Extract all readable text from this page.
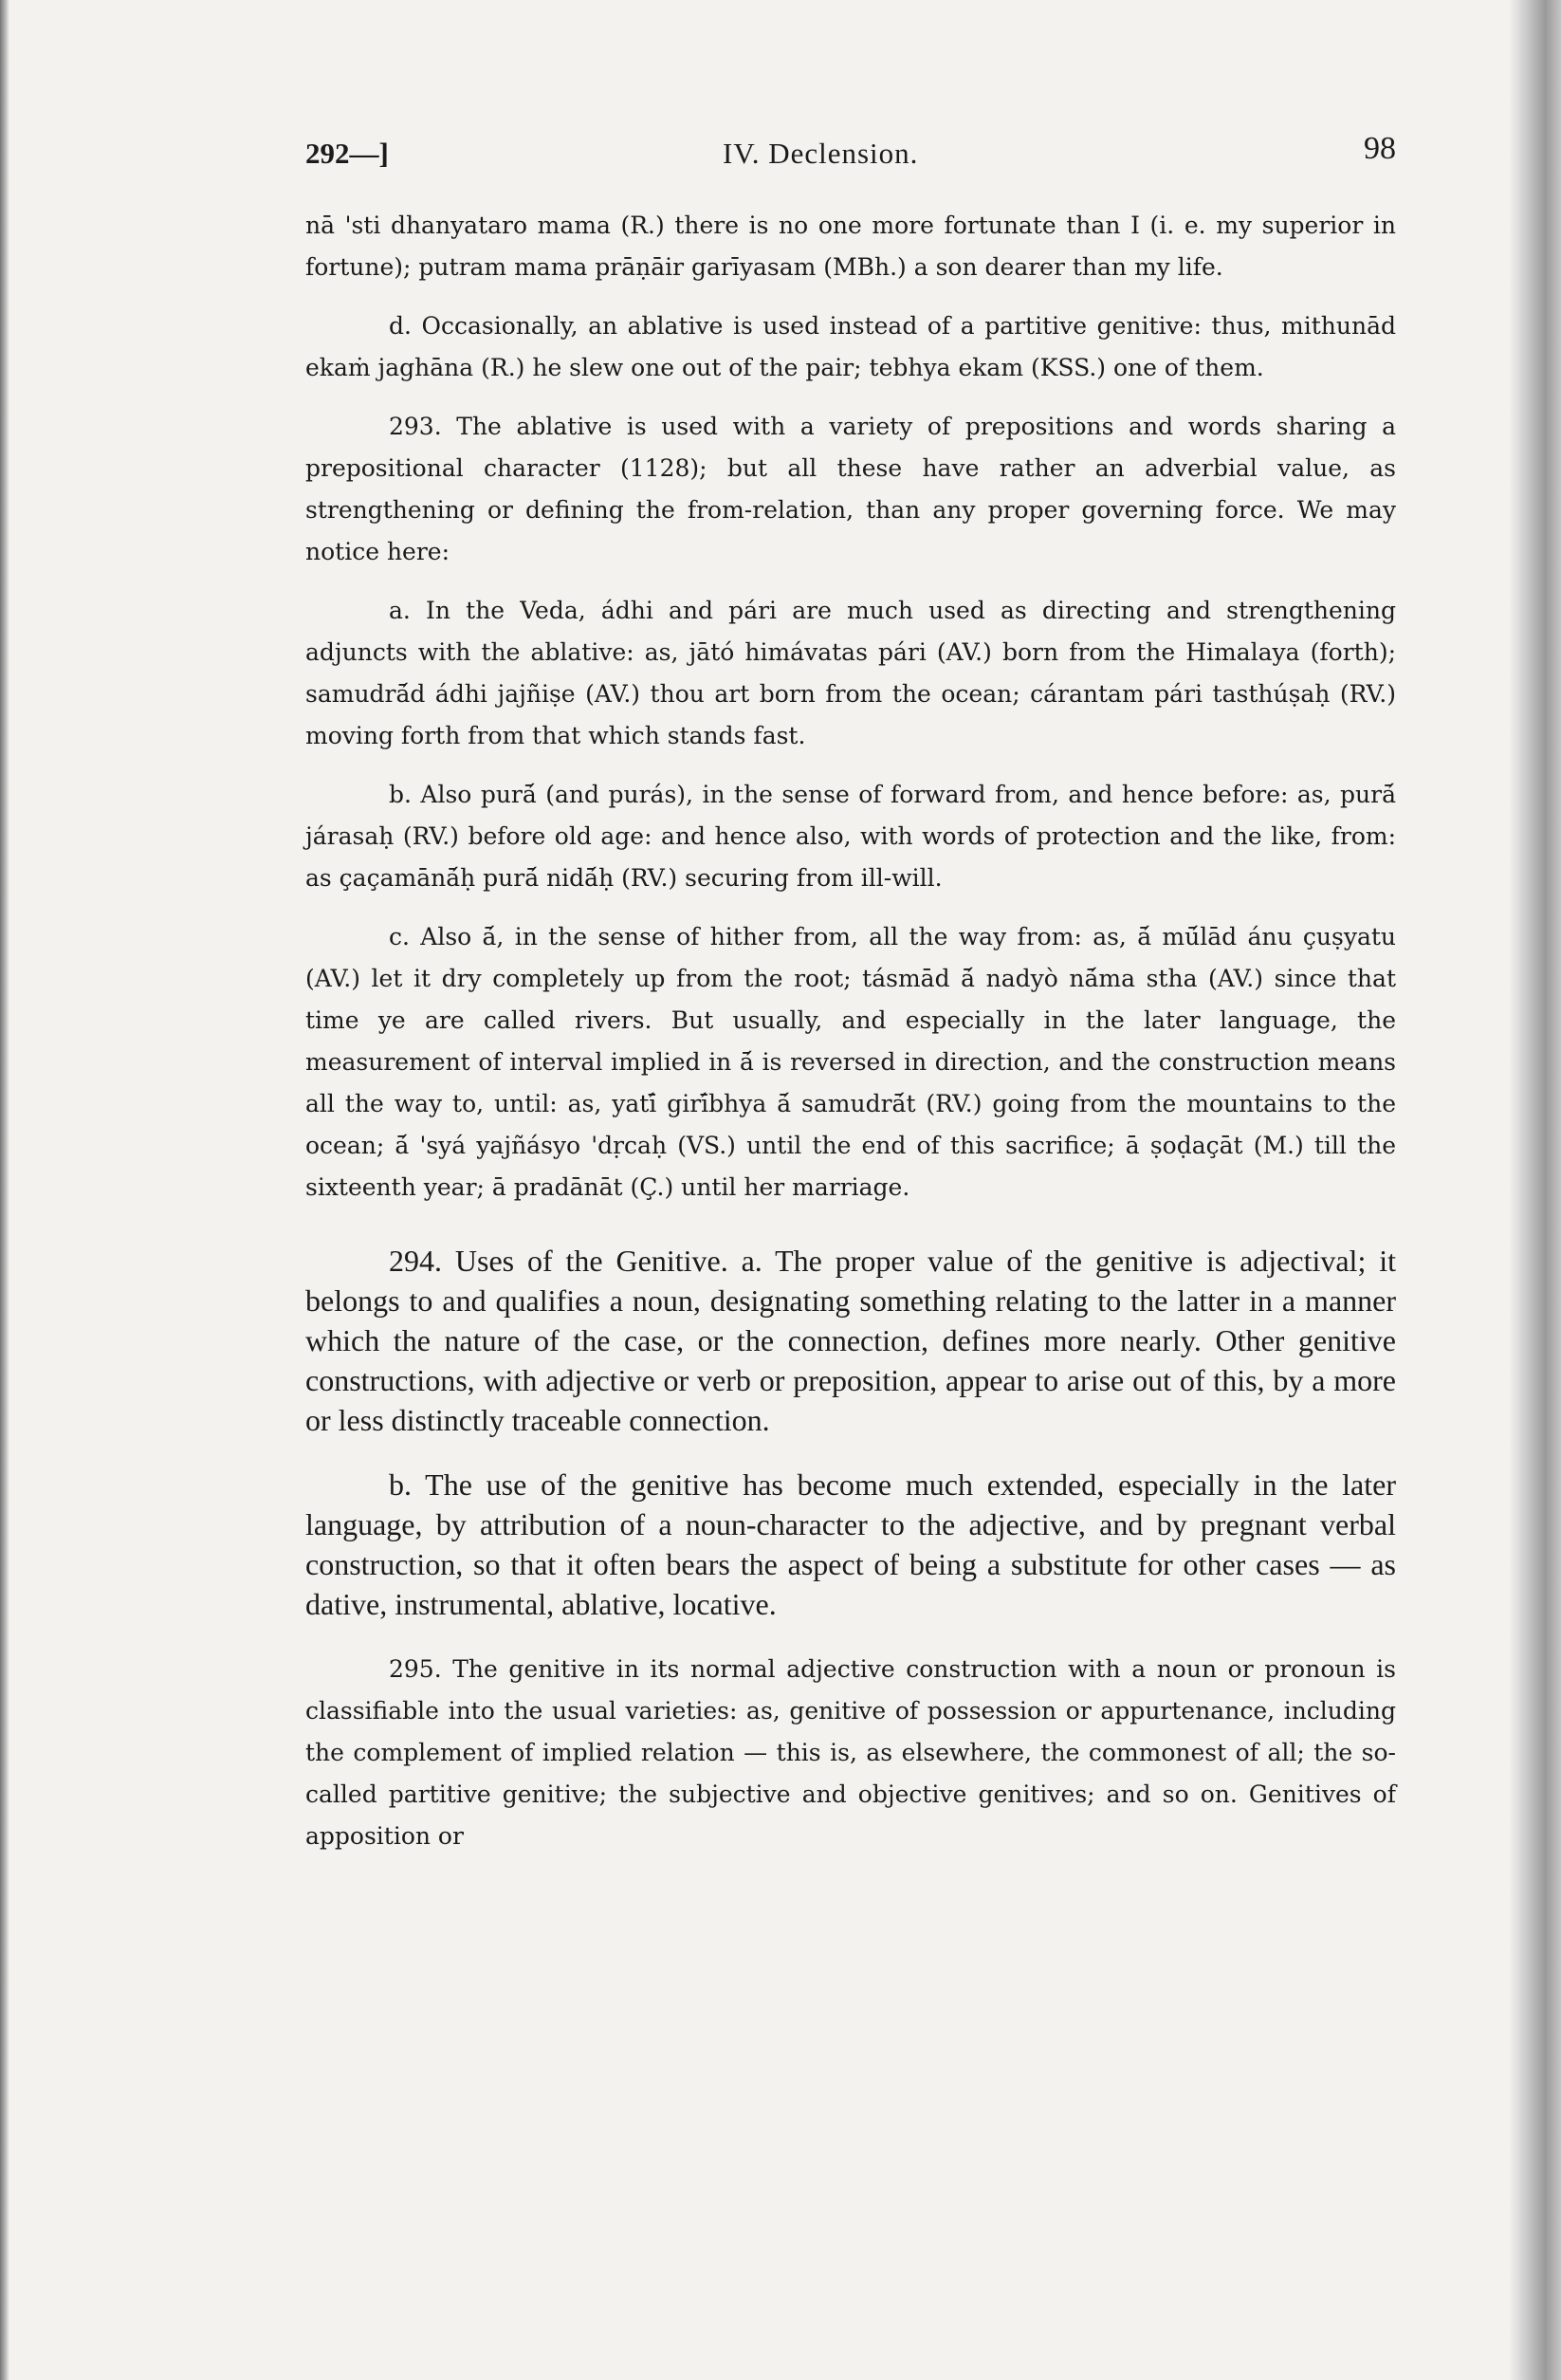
292—]	IV. Declension.	98

nā 'sti dhanyataro mama (R.) there is no one more fortunate than I (i. e. my superior in fortune); putram mama prāṇāir garīyasam (MBh.) a son dearer than my life.

d. Occasionally, an ablative is used instead of a partitive genitive: thus, mithunād ekaṁ jaghāna (R.) he slew one out of the pair; tebhya ekam (KSS.) one of them.

293. The ablative is used with a variety of prepositions and words sharing a prepositional character (1128); but all these have rather an adverbial value, as strengthening or defining the from-relation, than any proper governing force. We may notice here:

a. In the Veda, ádhi and pári are much used as directing and strengthening adjuncts with the ablative: as, jātó himávatas pári (AV.) born from the Himalaya (forth); samudrā́d ádhi jajñiṣe (AV.) thou art born from the ocean; cárantam pári tasthúṣaḥ (RV.) moving forth from that which stands fast.

b. Also purā́ (and purás), in the sense of forward from, and hence before: as, purā́ járasaḥ (RV.) before old age: and hence also, with words of protection and the like, from: as çaçamānā́ḥ purā́ nidā́ḥ (RV.) securing from ill-will.

c. Also ā́, in the sense of hither from, all the way from: as, ā́ mū́lād ánu çuṣyatu (AV.) let it dry completely up from the root; tásmād ā́ nadyò nā́ma stha (AV.) since that time ye are called rivers. But usually, and especially in the later language, the measurement of interval implied in ā́ is reversed in direction, and the construction means all the way to, until: as, yatī́ girī́bhya ā́ samudrā́t (RV.) going from the mountains to the ocean; ā́ 'syá yajñásyo 'dṛcaḥ (VS.) until the end of this sacrifice; ā ṣoḍaçāt (M.) till the sixteenth year; ā pradānāt (Ç.) until her marriage.

294. Uses of the Genitive. a. The proper value of the genitive is adjectival; it belongs to and qualifies a noun, designating something relating to the latter in a manner which the nature of the case, or the connection, defines more nearly. Other genitive constructions, with adjective or verb or preposition, appear to arise out of this, by a more or less distinctly traceable connection.

b. The use of the genitive has become much extended, especially in the later language, by attribution of a noun-character to the adjective, and by pregnant verbal construction, so that it often bears the aspect of being a substitute for other cases — as dative, instrumental, ablative, locative.

295. The genitive in its normal adjective construction with a noun or pronoun is classifiable into the usual varieties: as, genitive of possession or appurtenance, including the complement of implied relation — this is, as elsewhere, the commonest of all; the so-called partitive genitive; the subjective and objective genitives; and so on. Genitives of apposition or
